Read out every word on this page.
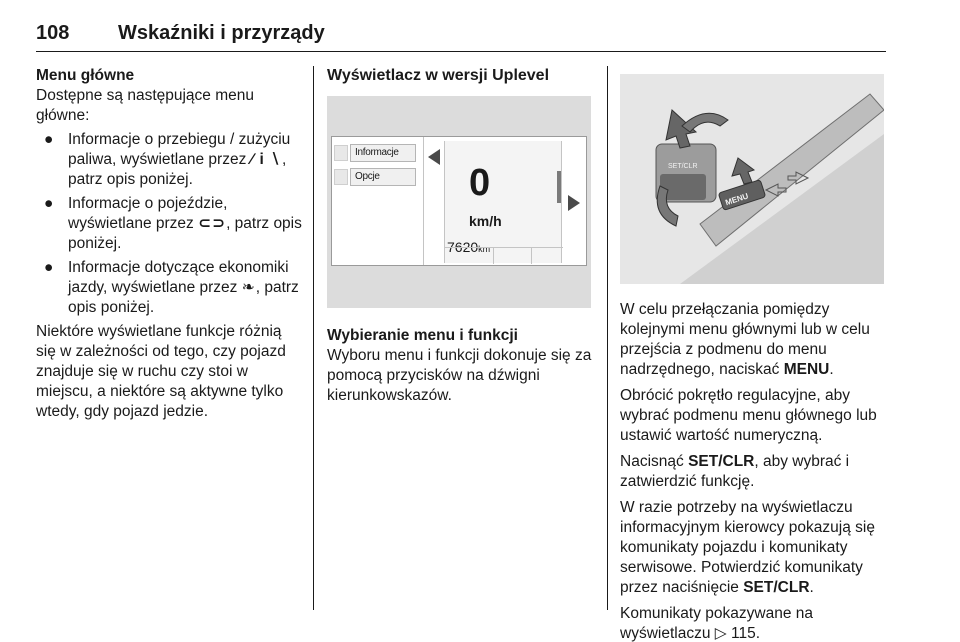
108 Wskaźniki i przyrządy
Menu główne
Dostępne są następujące menu główne:
● Informacje o przebiegu / zużyciu paliwa, wyświetlane przez ∕ i ∖, patrz opis poniżej.
● Informacje o pojeździe, wyświetlane przez ⊂⊃, patrz opis poniżej.
● Informacje dotyczące ekonomiki jazdy, wyświetlane przez ❧, patrz opis poniżej.
Niektóre wyświetlane funkcje różnią się w zależności od tego, czy pojazd znajduje się w ruchu czy stoi w miejscu, a niektóre są aktywne tylko wtedy, gdy pojazd jedzie.
Wyświetlacz w wersji Uplevel
Informacje
Opcje	0
km/h
7620km
Wybieranie menu i funkcji
Wyboru menu i funkcji dokonuje się za pomocą przycisków na dźwigni kierunkowskazów.
SET/CLR
MENU
W celu przełączania pomiędzy kolejnymi menu głównymi lub w celu przejścia z podmenu do menu nadrzędnego, naciskać MENU.
Obrócić pokrętło regulacyjne, aby wybrać podmenu menu głównego lub ustawić wartość numeryczną.
Nacisnąć SET/CLR, aby wybrać i zatwierdzić funkcję.
W razie potrzeby na wyświetlaczu informacyjnym kierowcy pokazują się komunikaty pojazdu i komunikaty serwisowe. Potwierdzić komunikaty przez naciśnięcie SET/CLR.
Komunikaty pokazywane na wyświetlaczu ▷ 115.
